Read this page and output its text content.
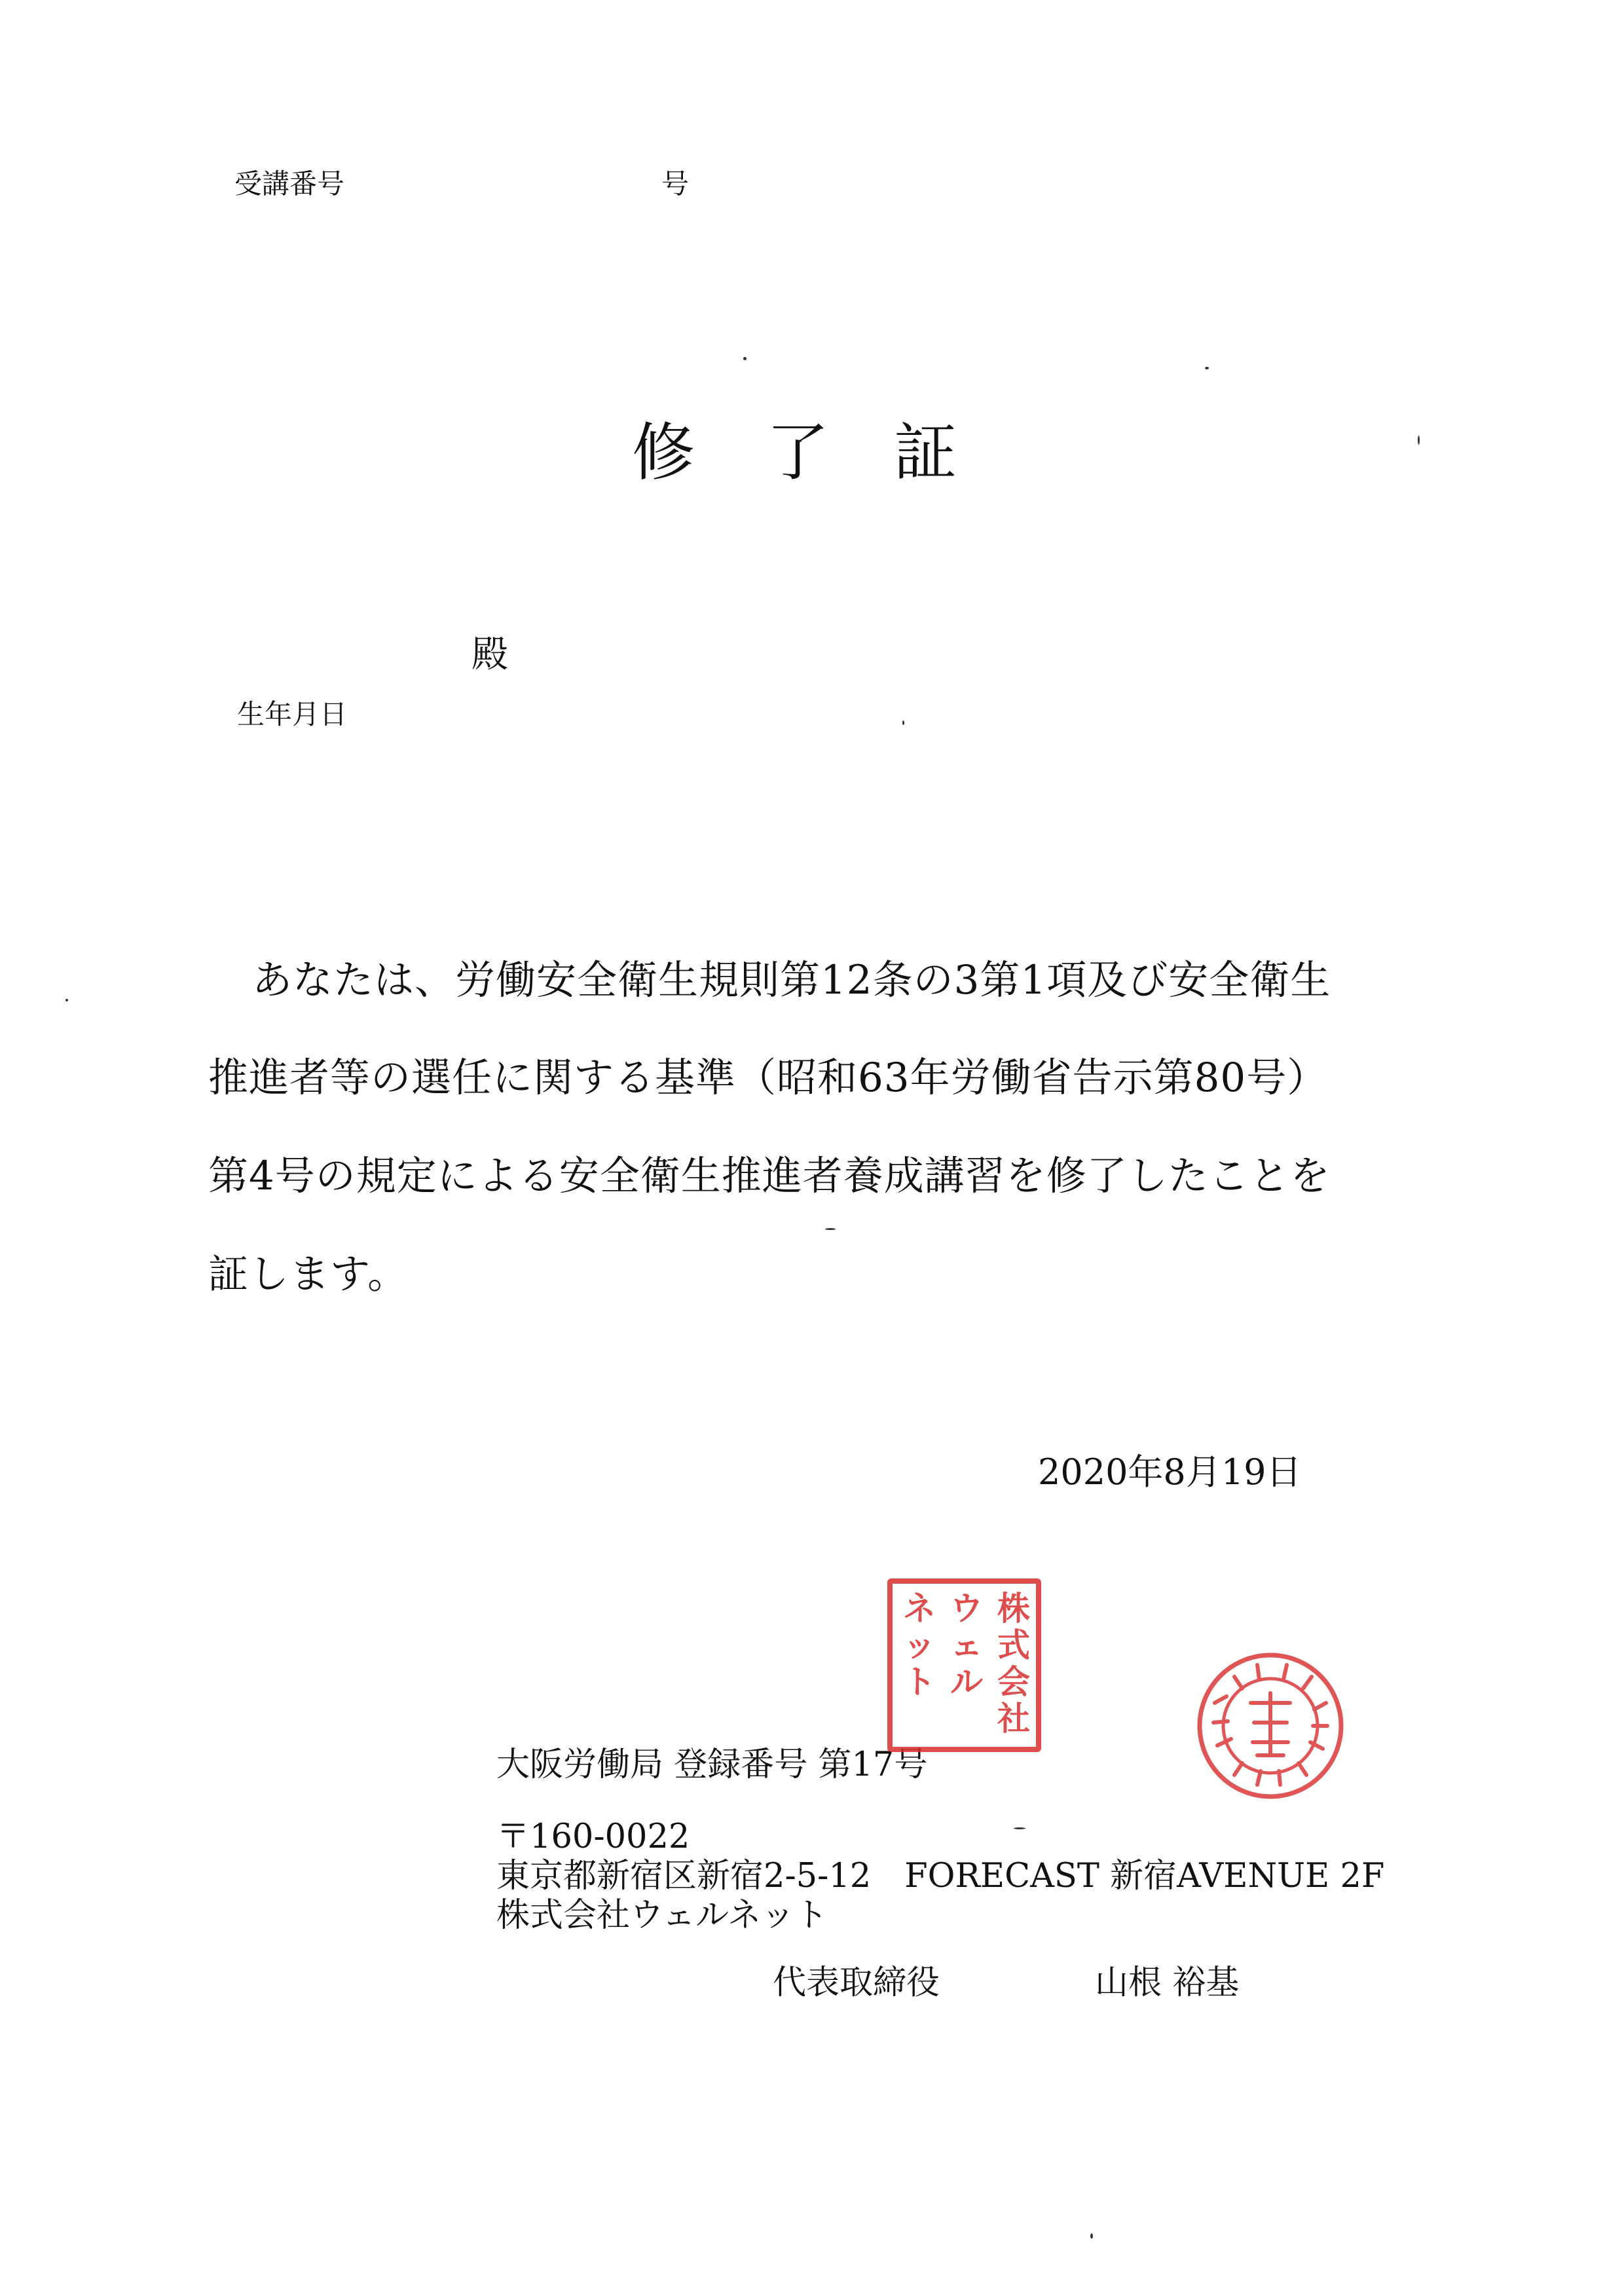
受講番号	号
修 了 証
殿
生年月日
あなたは、労働安全衛生規則第12条の3第1項及び安全衛生
推進者等の選任に関する基準（昭和63年労働省告示第80号）
第4号の規定による安全衛生推進者養成講習を修了したことを
証します。
2020年8月19日
大阪労働局 登録番号 第17号
〒160-0022
東京都新宿区新宿2-5-12　FORECAST 新宿AVENUE 2F
株式会社ウェルネット
代表取締役	山根 裕基
株
式
会
社
ウ
ェ
ル
ネ
ッ
ト
